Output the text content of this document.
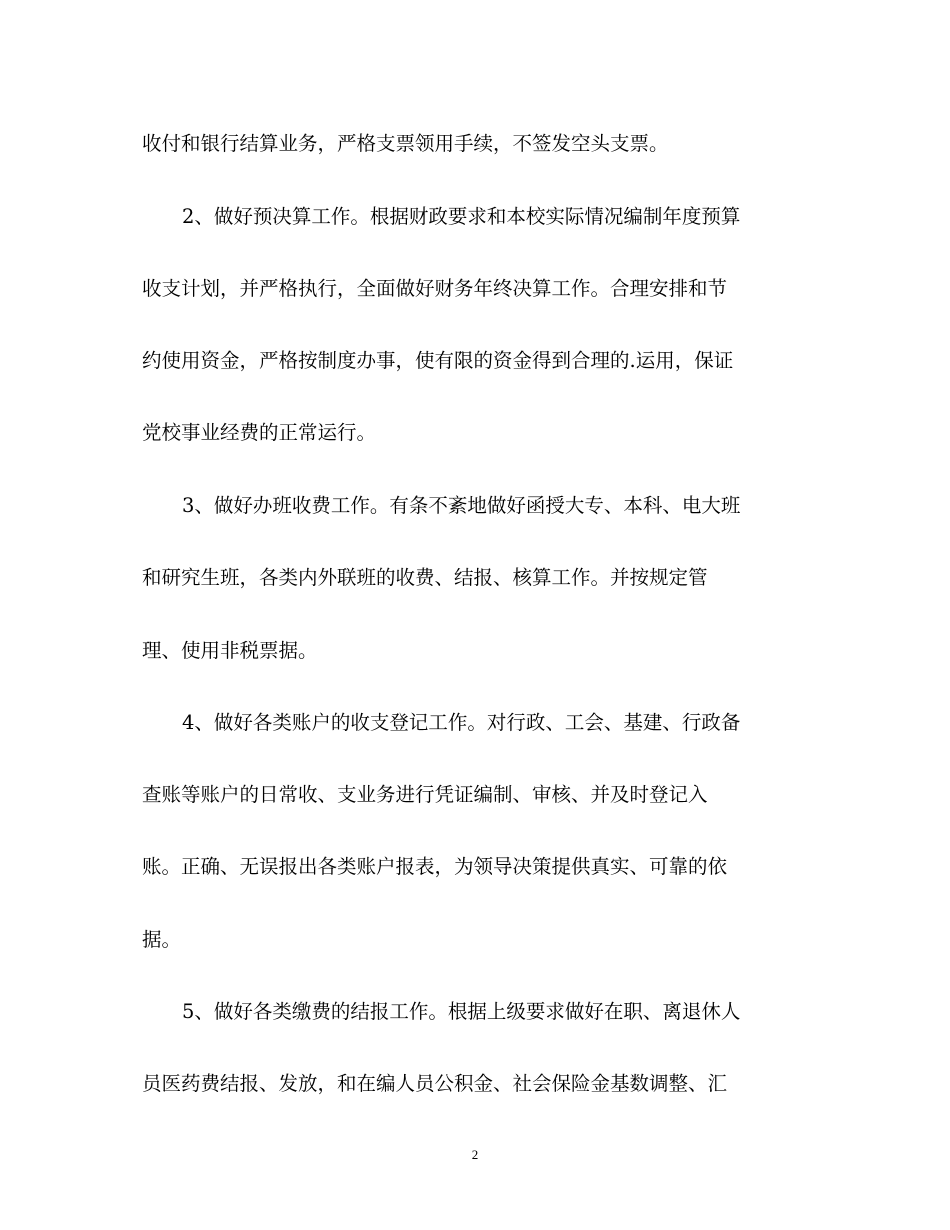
收付和银行结算业务，严格支票领用手续，不签发空头支票。

2、做好预决算工作。根据财政要求和本校实际情况编制年度预算

收支计划，并严格执行，全面做好财务年终决算工作。合理安排和节

约使用资金，严格按制度办事，使有限的资金得到合理的.运用，保证

党校事业经费的正常运行。

3、做好办班收费工作。有条不紊地做好函授大专、本科、电大班

和研究生班，各类内外联班的收费、结报、核算工作。并按规定管

理、使用非税票据。

4、做好各类账户的收支登记工作。对行政、工会、基建、行政备

查账等账户的日常收、支业务进行凭证编制、审核、并及时登记入

账。正确、无误报出各类账户报表，为领导决策提供真实、可靠的依

据。

5、做好各类缴费的结报工作。根据上级要求做好在职、离退休人

员医药费结报、发放，和在编人员公积金、社会保险金基数调整、汇

2
